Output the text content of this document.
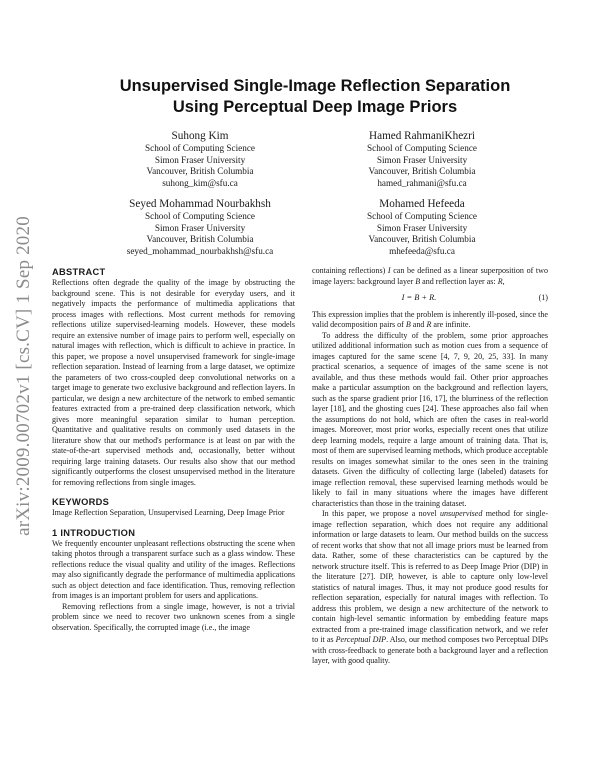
arXiv:2009.00702v1 [cs.CV] 1 Sep 2020
Unsupervised Single-Image Reflection Separation
Using Perceptual Deep Image Priors
Suhong Kim
School of Computing Science
Simon Fraser University
Vancouver, British Columbia
suhong_kim@sfu.ca
Hamed RahmaniKhezri
School of Computing Science
Simon Fraser University
Vancouver, British Columbia
hamed_rahmani@sfu.ca
Seyed Mohammad Nourbakhsh
School of Computing Science
Simon Fraser University
Vancouver, British Columbia
seyed_mohammad_nourbakhsh@sfu.ca
Mohamed Hefeeda
School of Computing Science
Simon Fraser University
Vancouver, British Columbia
mhefeeda@sfu.ca
ABSTRACT

Reflections often degrade the quality of the image by obstructing the background scene. This is not desirable for everyday users, and it negatively impacts the performance of multimedia applications that process images with reflections. Most current methods for removing reflections utilize supervised-learning models. However, these models require an extensive number of image pairs to perform well, especially on natural images with reflection, which is difficult to achieve in practice. In this paper, we propose a novel unsupervised framework for single-image reflection separation. Instead of learning from a large dataset, we optimize the parameters of two cross-coupled deep convolutional networks on a target image to generate two exclusive background and reflection layers. In particular, we design a new architecture of the network to embed semantic features extracted from a pre-trained deep classification network, which gives more meaningful separation similar to human perception. Quantitative and qualitative results on commonly used datasets in the literature show that our method's performance is at least on par with the state-of-the-art supervised methods and, occasionally, better without requiring large training datasets. Our results also show that our method significantly outperforms the closest unsupervised method in the literature for removing reflections from single images.

KEYWORDS

Image Reflection Separation, Unsupervised Learning, Deep Image Prior

1 INTRODUCTION

We frequently encounter unpleasant reflections obstructing the scene when taking photos through a transparent surface such as a glass window. These reflections reduce the visual quality and utility of the images. Reflections may also significantly degrade the performance of multimedia applications such as object detection and face identification. Thus, removing reflection from images is an important problem for users and applications.

Removing reflections from a single image, however, is not a trivial problem since we need to recover two unknown scenes from a single observation. Specifically, the corrupted image (i.e., the image

containing reflections) I can be defined as a linear superposition of two image layers: background layer B and reflection layer as: R,

I = B + R.	(1)

This expression implies that the problem is inherently ill-posed, since the valid decomposition pairs of B and R are infinite.

To address the difficulty of the problem, some prior approaches utilized additional information such as motion cues from a sequence of images captured for the same scene [4, 7, 9, 20, 25, 33]. In many practical scenarios, a sequence of images of the same scene is not available, and thus these methods would fail. Other prior approaches make a particular assumption on the background and reflection layers, such as the sparse gradient prior [16, 17], the blurriness of the reflection layer [18], and the ghosting cues [24]. These approaches also fail when the assumptions do not hold, which are often the cases in real-world images. Moreover, most prior works, especially recent ones that utilize deep learning models, require a large amount of training data. That is, most of them are supervised learning methods, which produce acceptable results on images somewhat similar to the ones seen in the training datasets. Given the difficulty of collecting large (labeled) datasets for image reflection removal, these supervised learning methods would be likely to fail in many situations where the images have different characteristics than those in the training dataset.

In this paper, we propose a novel unsupervised method for single-image reflection separation, which does not require any additional information or large datasets to learn. Our method builds on the success of recent works that show that not all image priors must be learned from data. Rather, some of these characteristics can be captured by the network structure itself. This is referred to as Deep Image Prior (DIP) in the literature [27]. DIP, however, is able to capture only low-level statistics of natural images. Thus, it may not produce good results for reflection separation, especially for natural images with reflection. To address this problem, we design a new architecture of the network to contain high-level semantic information by embedding feature maps extracted from a pre-trained image classification network, and we refer to it as Perceptual DIP. Also, our method composes two Perceptual DIPs with cross-feedback to generate both a background layer and a reflection layer, with good quality.
